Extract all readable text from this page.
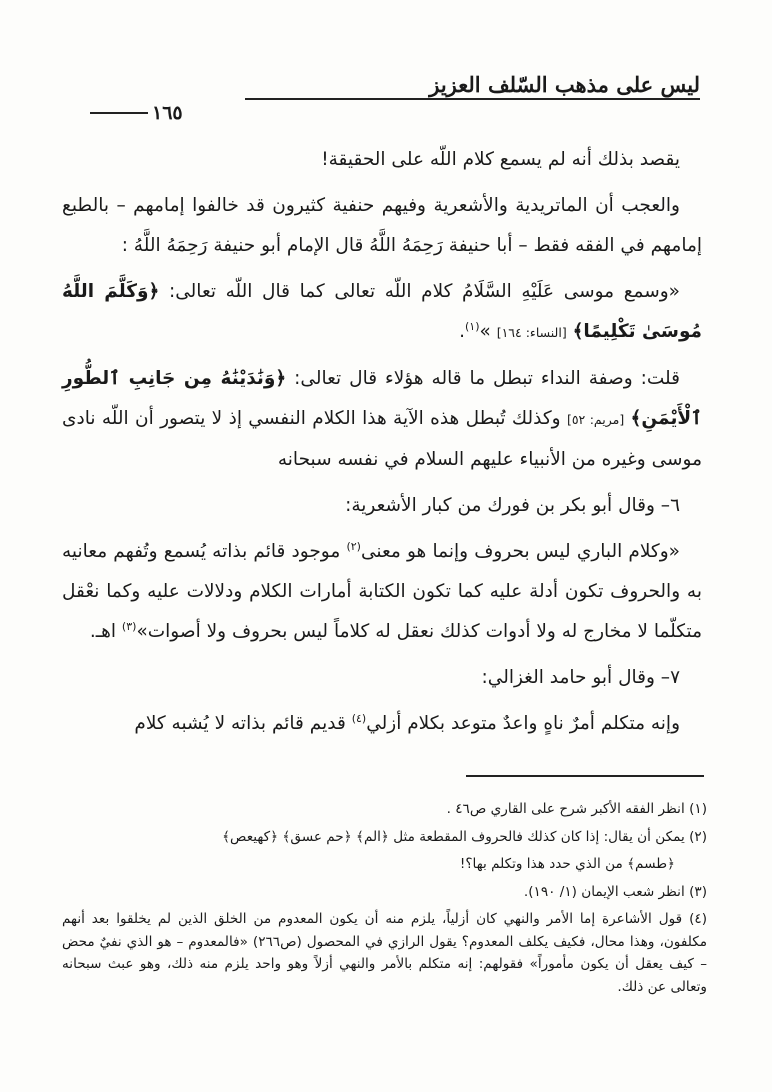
ليس على مذهب السّلف العزيز
١٦٥

يقصد بذلك أنه لم يسمع كلام اللّه على الحقيقة!

والعجب أن الماتريدية والأشعرية وفيهم حنفية كثيرون قد خالفوا إمامهم – بالطبع إمامهم في الفقه فقط – أبا حنيفة رَحِمَهُ اللَّهُ قال الإمام أبو حنيفة رَحِمَهُ اللَّهُ :

«وسمع موسى عَلَيْهِ السَّلَامُ كلام اللّه تعالى كما قال اللّه تعالى: ﴿وَكَلَّمَ اللَّهُ مُوسَىٰ تَكْلِيمًا﴾ [النساء: ١٦٤] »$^{(١)}$.

قلت: وصفة النداء تبطل ما قاله هؤلاء قال تعالى: ﴿وَنَٰدَيْنَٰهُ مِن جَانِبِ ٱلطُّورِ ٱلْأَيْمَنِ﴾ [مريم: ٥٢] وكذلك تُبطل هذه الآية هذا الكلام النفسي إذ لا يتصور أن اللّه نادى موسى وغيره من الأنبياء عليهم السلام في نفسه سبحانه

٦– وقال أبو بكر بن فورك من كبار الأشعرية:

«وكلام الباري ليس بحروف وإنما هو معنى$^{(٢)}$ موجود قائم بذاته يُسمع وتُفهم معانيه به والحروف تكون أدلة عليه كما تكون الكتابة أمارات الكلام ودلالات عليه وكما نعْقل متكلّما لا مخارج له ولا أدوات كذلك نعقل له كلاماً ليس بحروف ولا أصوات»$^{(٣)}$ اهـ.

٧– وقال أبو حامد الغزالي:

وإنه متكلم أمرٌ ناهٍ واعدٌ متوعد بكلام أزلي$^{(٤)}$ قديم قائم بذاته لا يُشبه كلام

(١) انظر الفقه الأكبر شرح على القاري ص٤٦ .

(٢) يمكن أن يقال: إذا كان كذلك فالحروف المقطعة مثل ﴿الم﴾ ﴿حم عسق﴾ ﴿كهيعص﴾

﴿طسم﴾ من الذي حدد هذا وتكلم بها؟!

(٣) انظر شعب الإيمان (١/ ١٩٠).

(٤) قول الأشاعرة إما الأمر والنهي كان أزلياً، يلزم منه أن يكون المعدوم من الخلق الذين لم يخلقوا بعد أنهم مكلفون، وهذا محال، فكيف يكلف المعدوم؟ يقول الرازي في المحصول (ص٢٦٦) «فالمعدوم – هو الذي نفيٌ محض – كيف يعقل أن يكون مأموراً» فقولهم: إنه متكلم بالأمر والنهي أزلاً وهو واحد يلزم منه ذلك، وهو عبث سبحانه وتعالى عن ذلك.
